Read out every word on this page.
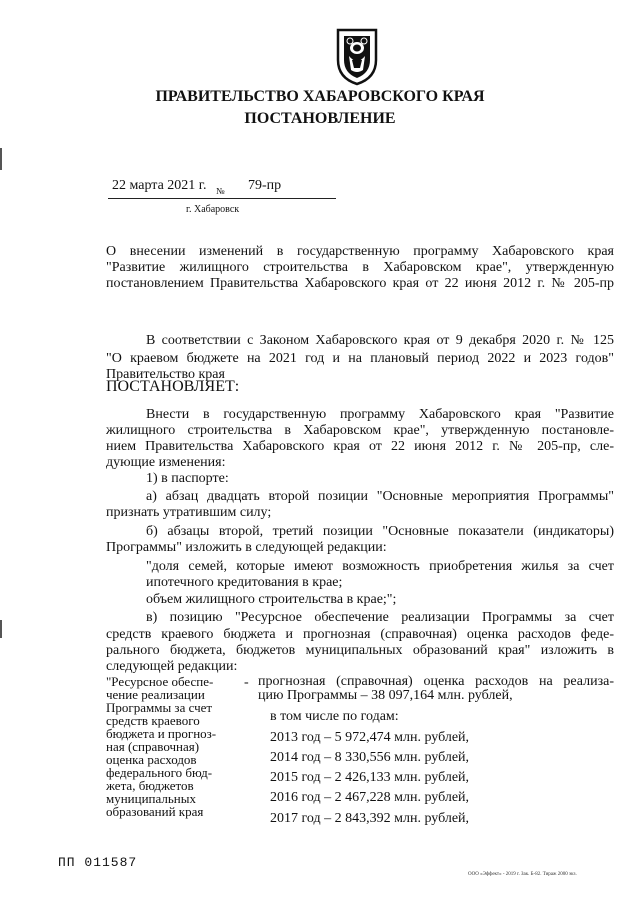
ПРАВИТЕЛЬСТВО ХАБАРОВСКОГО КРАЯ
ПОСТАНОВЛЕНИЕ
22 марта 2021 г. № 79-пр
г. Хабаровск
О внесении изменений в государственную программу Хабаровского края
"Развитие жилищного строительства в Хабаровском крае", утвержденную
постановлением Правительства Хабаровского края от 22 июня 2012 г. № 205-пр
В соответствии с Законом Хабаровского края от 9 декабря 2020 г. № 125
"О краевом бюджете на 2021 год и на плановый период 2022 и 2023 годов"
Правительство края
ПОСТАНОВЛЯЕТ:
Внести в государственную программу Хабаровского края "Развитие
жилищного строительства в Хабаровском крае", утвержденную постановле-
нием Правительства Хабаровского края от 22 июня 2012 г. № 205-пр, сле-
дующие изменения:
1) в паспорте:
а) абзац двадцать второй позиции "Основные мероприятия Программы"
признать утратившим силу;
б) абзацы второй, третий позиции "Основные показатели (индикаторы)
Программы" изложить в следующей редакции:
"доля семей, которые имеют возможность приобретения жилья за счет
ипотечного кредитования в крае;
объем жилищного строительства в крае;";
в) позицию "Ресурсное обеспечение реализации Программы за счет
средств краевого бюджета и прогнозная (справочная) оценка расходов феде-
рального бюджета, бюджетов муниципальных образований края" изложить в
следующей редакции:
"Ресурсное обеспе-
чение реализации
Программы за счет
средств краевого
бюджета и прогноз-
ная (справочная)
оценка расходов
федерального бюд-
жета, бюджетов
муниципальных
образований края
- прогнозная (справочная) оценка расходов на реализа-
цию Программы – 38 097,164 млн. рублей,
в том числе по годам:
2013 год – 5 972,474 млн. рублей,
2014 год – 8 330,556 млн. рублей,
2015 год – 2 426,133 млн. рублей,
2016 год – 2 467,228 млн. рублей,
2017 год – 2 843,392 млн. рублей,
ПП 011587
ООО «Эффект» - 2019 г. Зак. Б-82. Тираж 2000 экз.
